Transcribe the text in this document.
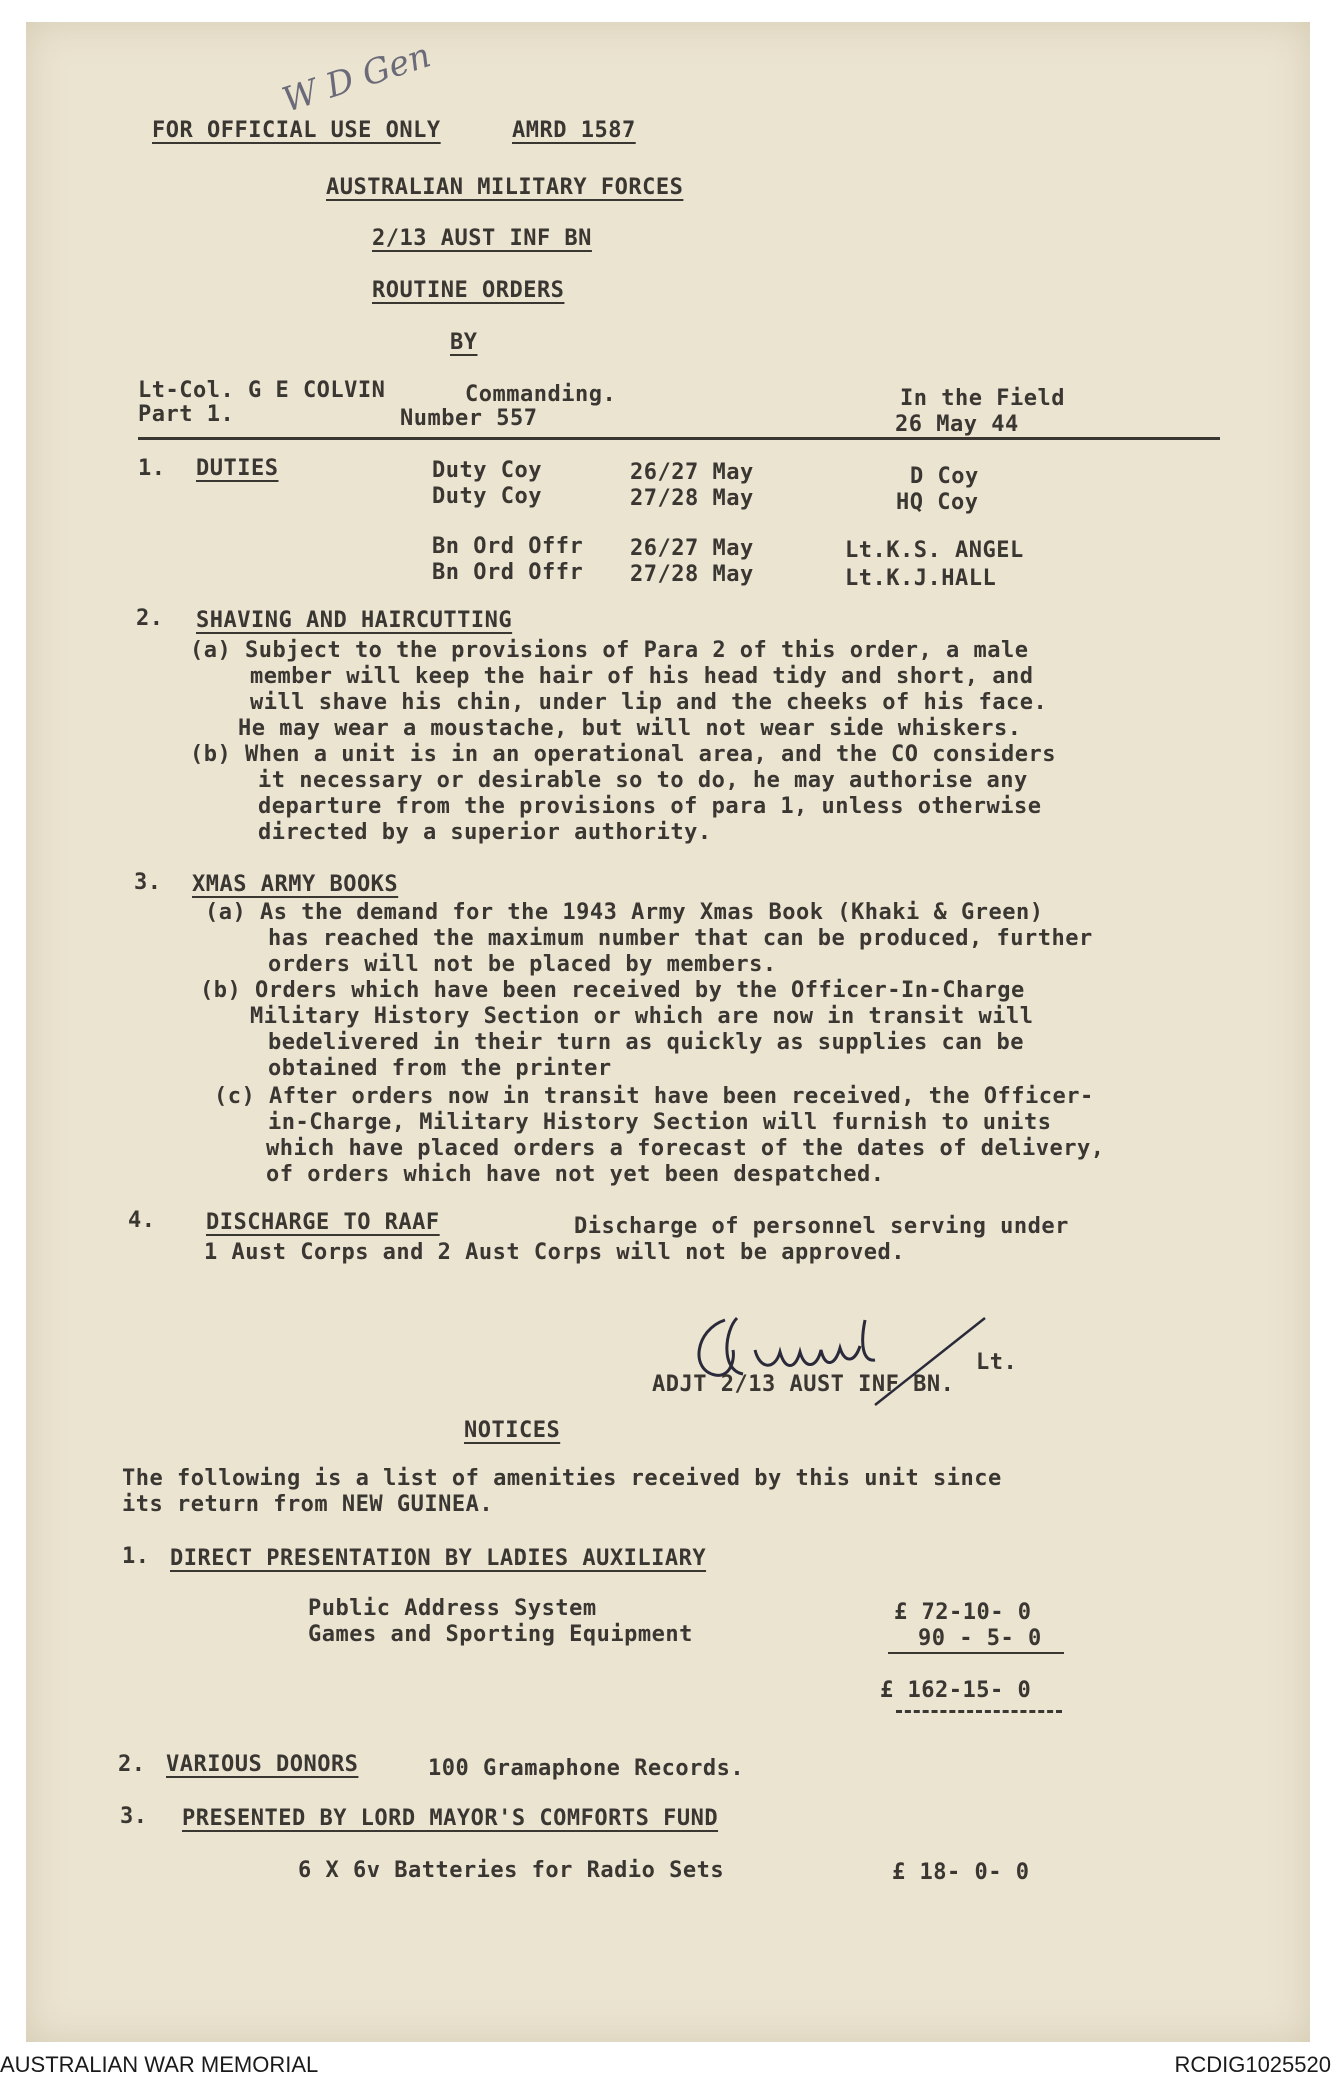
W D Gen
FOR OFFICIAL USE ONLY	AMRD 1587
AUSTRALIAN MILITARY FORCES
2/13 AUST INF BN
ROUTINE ORDERS
BY
Lt-Col. G E COLVIN	Commanding.	In the Field
Part 1.	Number 557	26 May 44
1. DUTIES	Duty Coy	26/27 May	D Coy
Duty Coy	27/28 May	HQ Coy
Bn Ord Offr 26/27 May	Lt.K.S. ANGEL
Bn Ord Offr 27/28 May	Lt.K.J.HALL
2. SHAVING AND HAIRCUTTING
(a) Subject to the provisions of Para 2 of this order, a male
member will keep the hair of his head tidy and short, and
will shave his chin, under lip and the cheeks of his face.
He may wear a moustache, but will not wear side whiskers.
(b) When a unit is in an operational area, and the CO considers
it necessary or desirable so to do, he may authorise any
departure from the provisions of para 1, unless otherwise
directed by a superior authority.
3. XMAS ARMY BOOKS
(a) As the demand for the 1943 Army Xmas Book (Khaki & Green)
has reached the maximum number that can be produced, further
orders will not be placed by members.
(b) Orders which have been received by the Officer-In-Charge
Military History Section or which are now in transit will
bedelivered in their turn as quickly as supplies can be
obtained from the printer
(c) After orders now in transit have been received, the Officer-
in-Charge, Military History Section will furnish to units
which have placed orders a forecast of the dates of delivery,
of orders which have not yet been despatched.
4. DISCHARGE TO RAAF	Discharge of personnel serving under
1 Aust Corps and 2 Aust Corps will not be approved.
Lt.
ADJT 2/13 AUST INF BN.
NOTICES
The following is a list of amenities received by this unit since
its return from NEW GUINEA.
1. DIRECT PRESENTATION BY LADIES AUXILIARY
Public Address System	£ 72-10- 0
Games and Sporting Equipment	90 - 5- 0
£ 162-15- 0
2. VARIOUS DONORS	100 Gramaphone Records.
3. PRESENTED BY LORD MAYOR'S COMFORTS FUND
6 X 6v Batteries for Radio Sets	£ 18- 0- 0
AUSTRALIAN WAR MEMORIAL	RCDIG1025520
